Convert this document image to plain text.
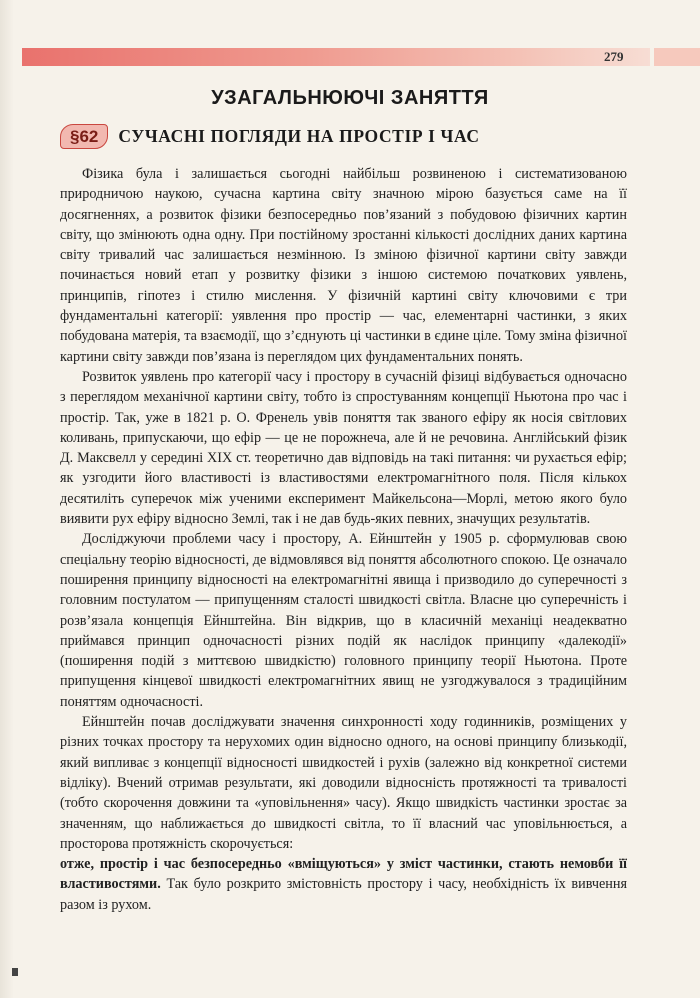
279
УЗАГАЛЬНЮЮЧІ ЗАНЯТТЯ
§62	СУЧАСНІ ПОГЛЯДИ НА ПРОСТІР І ЧАС

Фізика була і залишається сьогодні найбільш розвиненою і систематизованою природничою наукою, сучасна картина світу значною мірою базується саме на її досягненнях, а розвиток фізики безпосередньо пов’язаний з побудовою фізичних картин світу, що змінюють одна одну. При постійному зростанні кількості дослідних даних картина світу тривалий час залишається незмінною. Із зміною фізичної картини світу завжди починається новий етап у розвитку фізики з іншою системою початкових уявлень, принципів, гіпотез і стилю мислення. У фізичній картині світу ключовими є три фундаментальні категорії: уявлення про простір — час, елементарні частинки, з яких побудована матерія, та взаємодії, що з’єднують ці частинки в єдине ціле. Тому зміна фізичної картини світу завжди пов’язана із переглядом цих фундаментальних понять.

Розвиток уявлень про категорії часу і простору в сучасній фізиці відбувається одночасно з переглядом механічної картини світу, тобто із спростуванням концепції Ньютона про час і простір. Так, уже в 1821 р. О. Френель увів поняття так званого ефіру як носія світлових коливань, припускаючи, що ефір — це не порожнеча, але й не речовина. Англійський фізик Д. Максвелл у середині XIX ст. теоретично дав відповідь на такі питання: чи рухається ефір; як узгодити його властивості із властивостями електромагнітного поля. Після кількох десятиліть суперечок між ученими експеримент Майкельсона—Морлі, метою якого було виявити рух ефіру відносно Землі, так і не дав будь-яких певних, значущих результатів.

Досліджуючи проблеми часу і простору, А. Ейнштейн у 1905 р. сформулював свою спеціальну теорію відносності, де відмовлявся від поняття абсолютного спокою. Це означало поширення принципу відносності на електромагнітні явища і призводило до суперечності з головним постулатом — припущенням сталості швидкості світла. Власне цю суперечність і розв’язала концепція Ейнштейна. Він відкрив, що в класичній механіці неадекватно приймався принцип одночасності різних подій як наслідок принципу «далекодії» (поширення подій з миттєвою швидкістю) головного принципу теорії Ньютона. Проте припущення кінцевої швидкості електромагнітних явищ не узгоджувалося з традиційним поняттям одночасності.

Ейнштейн почав досліджувати значення синхронності ходу годинників, розміщених у різних точках простору та нерухомих один відносно одного, на основі принципу близькодії, який випливає з концепції відносності швидкостей і рухів (залежно від конкретної системи відліку). Вчений отримав результати, які доводили відносність протяжності та тривалості (тобто скорочення довжини та «уповільнення» часу). Якщо швидкість частинки зростає за значенням, що наближається до швидкості світла, то її власний час уповільнюється, а просторова протяжність скорочується:

отже, простір і час безпосередньо «вміщуються» у зміст частинки, стають немовби її властивостями. Так було розкрито змістовність простору і часу, необхідність їх вивчення разом із рухом.
